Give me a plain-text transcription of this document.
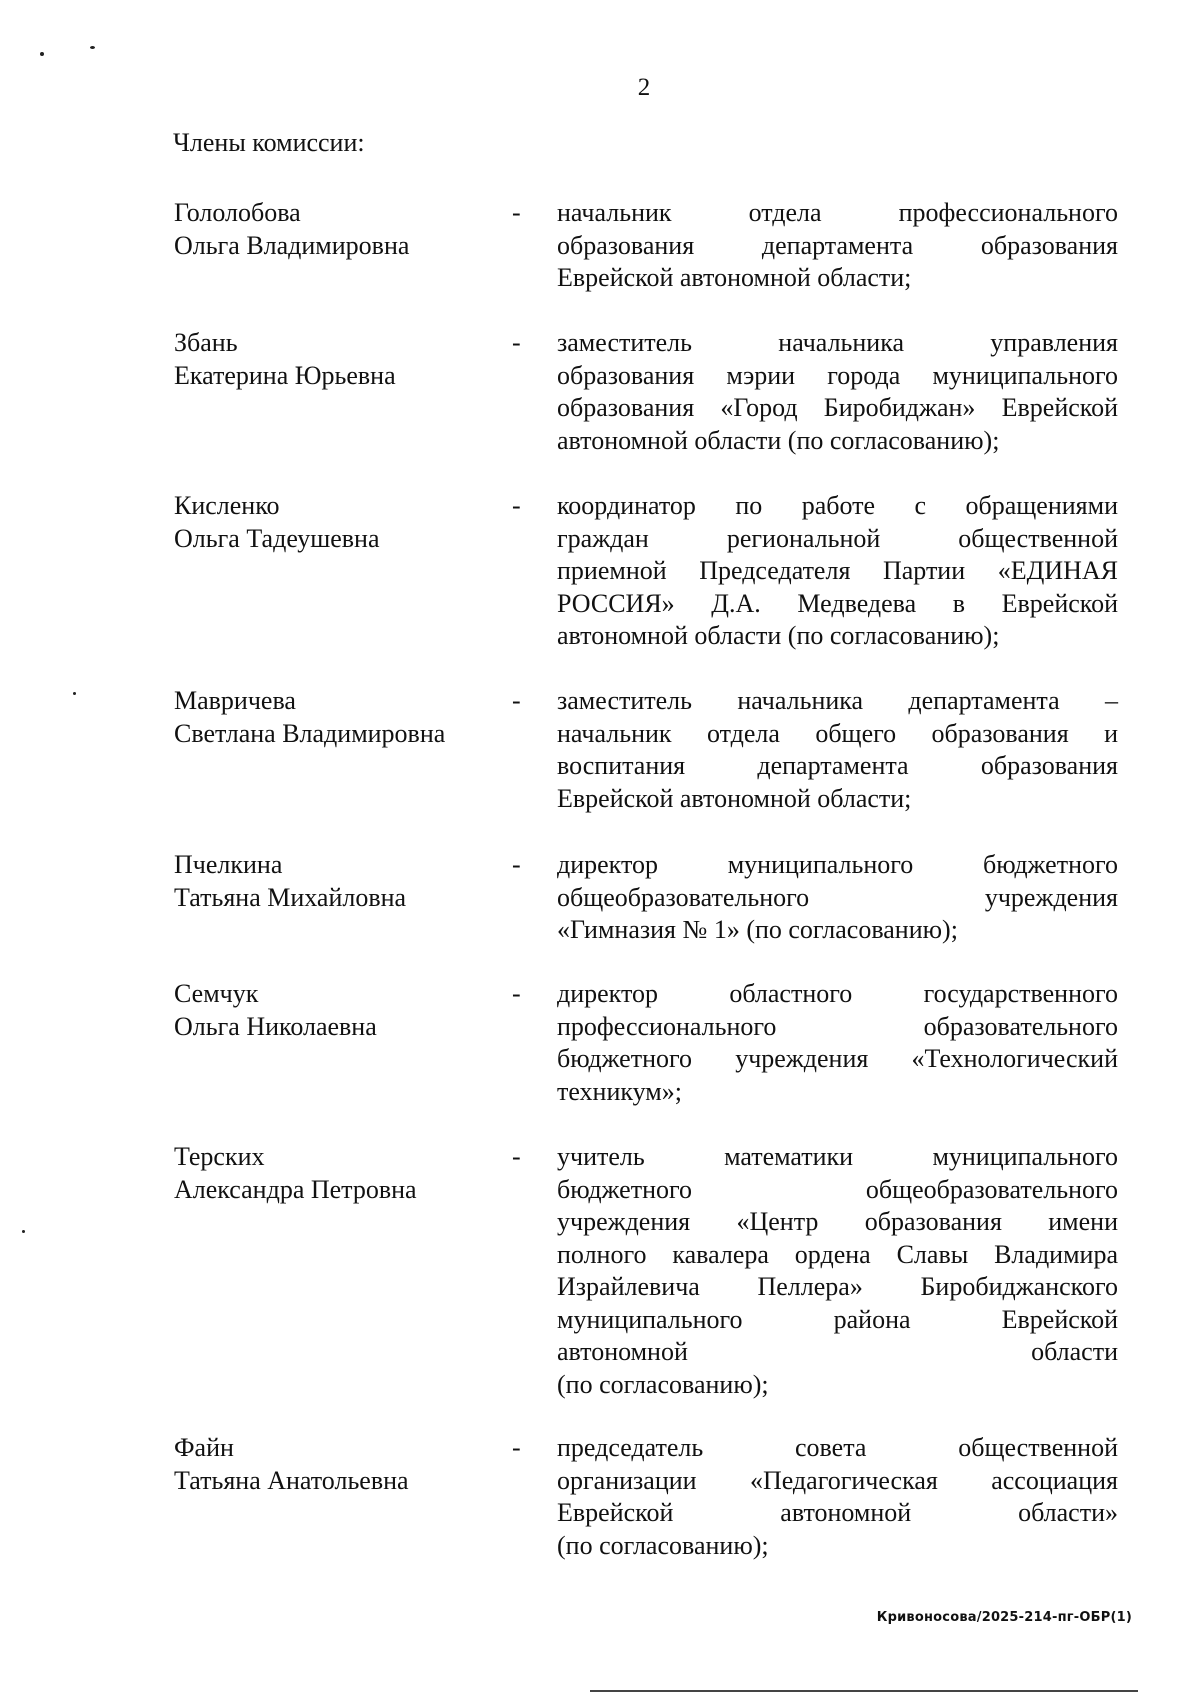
2
Члены комиссии:
Гололобова
Ольга Владимировна
- начальник отдела профессионального
образования департамента образования
Еврейской автономной области;
Збань
Екатерина Юрьевна
- заместитель начальника управления
образования мэрии города муниципального
образования «Город Биробиджан» Еврейской
автономной области (по согласованию);
Кисленко
Ольга Тадеушевна
- координатор по работе с обращениями
граждан региональной общественной
приемной Председателя Партии «ЕДИНАЯ
РОССИЯ» Д.А. Медведева в Еврейской
автономной области (по согласованию);
Мавричева
Светлана Владимировна
- заместитель начальника департамента –
начальник отдела общего образования и
воспитания департамента образования
Еврейской автономной области;
Пчелкина
Татьяна Михайловна
- директор муниципального бюджетного
общеобразовательного учреждения
«Гимназия № 1» (по согласованию);
Семчук
Ольга Николаевна
- директор областного государственного
профессионального образовательного
бюджетного учреждения «Технологический
техникум»;
Терских
Александра Петровна
- учитель математики муниципального
бюджетного общеобразовательного
учреждения «Центр образования имени
полного кавалера ордена Славы Владимира
Израйлевича Пеллера» Биробиджанского
муниципального района Еврейской
автономной области
(по согласованию);
Файн
Татьяна Анатольевна
- председатель совета общественной
организации «Педагогическая ассоциация
Еврейской автономной области»
(по согласованию);
Кривоносова/2025-214-пг-ОБР(1)
